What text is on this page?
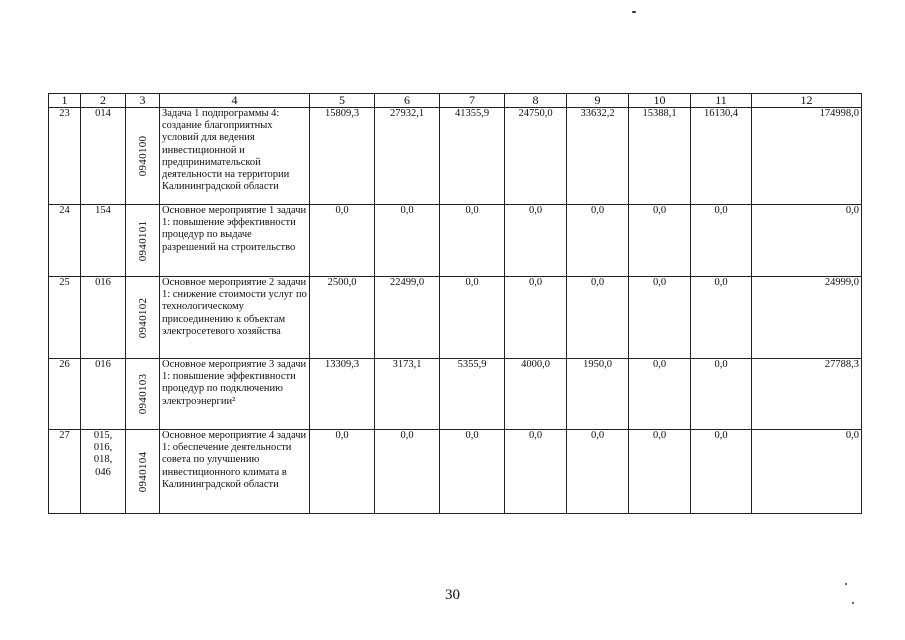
1	2	3	4	5	6	7	8	9	10	11	12
23	014	0940100	Задача 1 подпрограммы 4: создание благоприятных условий для ведения инвестиционной и предпринимательской деятельности на территории Калининградской области	15809,3	27932,1	41355,9	24750,0	33632,2	15388,1	16130,4	174998,0
24	154	0940101	Основное мероприятие 1 задачи 1: повышение эффективности процедур по выдаче разрешений на строительство	0,0	0,0	0,0	0,0	0,0	0,0	0,0	0,0
25	016	0940102	Основное мероприятие 2 задачи 1: снижение стоимости услуг по технологическому присоединению к объектам электросетевого хозяйства	2500,0	22499,0	0,0	0,0	0,0	0,0	0,0	24999,0
26	016	0940103	Основное мероприятие 3 задачи 1: повышение эффективности процедур по подключению электроэнергии²	13309,3	3173,1	5355,9	4000,0	1950,0	0,0	0,0	27788,3
27	015,
016,
018,
046	0940104	Основное мероприятие 4 задачи 1: обеспечение деятельности совета по улучшению инвестиционного климата в Калининградской области	0,0	0,0	0,0	0,0	0,0	0,0	0,0	0,0
30
